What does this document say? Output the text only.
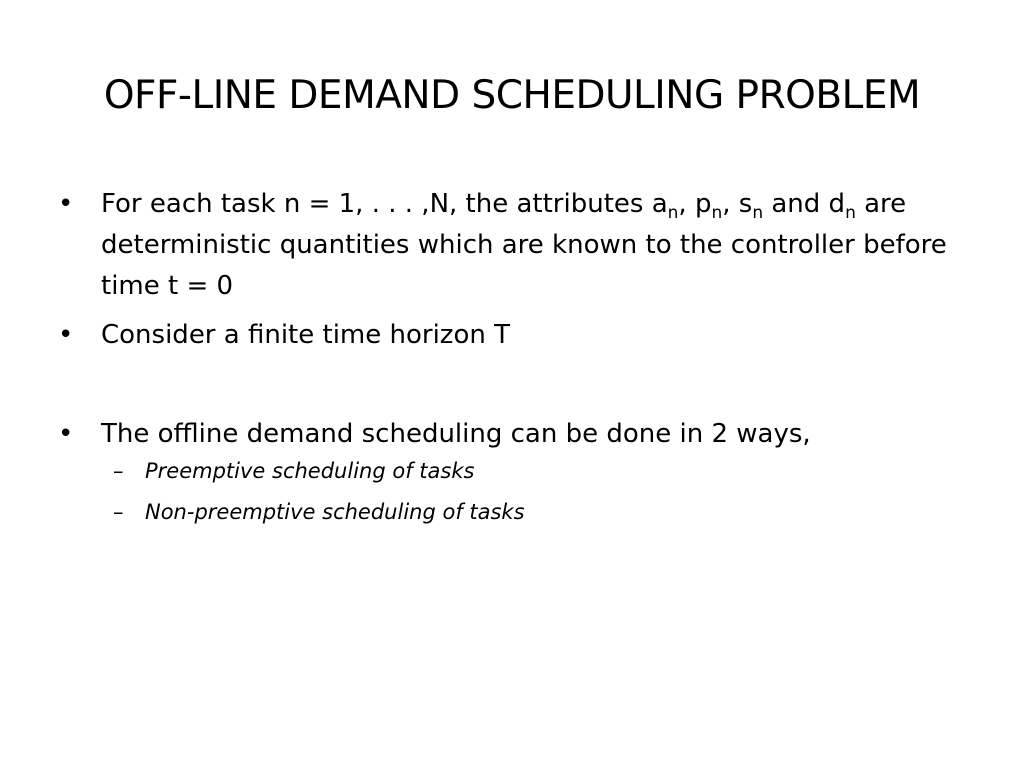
OFF-LINE DEMAND SCHEDULING PROBLEM
• For each task n = 1, . . . ,N, the attributes $a_n$, $p_n$, $s_n$ and $d_n$ are deterministic quantities which are known to the controller before time t = 0
• Consider a finite time horizon T
• The offline demand scheduling can be done in 2 ways,
– Preemptive scheduling of tasks
– Non-preemptive scheduling of tasks
